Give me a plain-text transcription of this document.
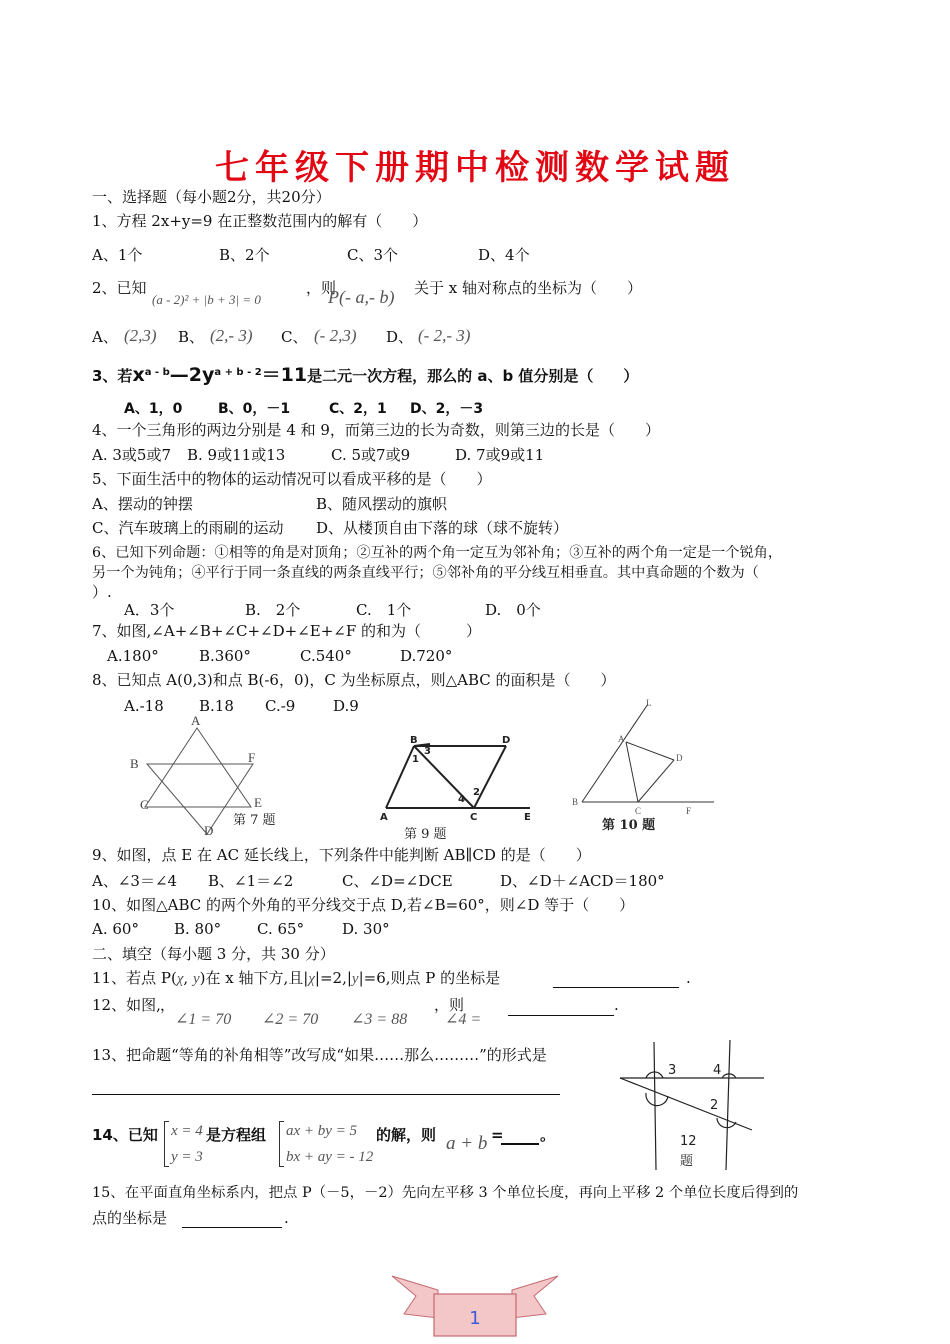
七年级下册期中检测数学试题
一、选择题（每小题2分，共20分）
1、方程 2x+y=9 在正整数范围内的解有（　　）
A、1个	B、2个	C、3个	D、4个
2、已知
(a - 2)² + |b + 3| = 0
，则
P(- a,- b) 关于 x 轴对称点的坐标为（　　）
A、 (2,3) B、 (2,- 3) C、 (- 2,3) D、 (- 2,- 3)
3、若$x^{a - b}—2y^{a + b - 2}=11$是二元一次方程，那么的 a、b 值分别是（　　）
A、1，0	B、0，－1	C、2，1 D、2，－3
4、一个三角形的两边分别是 4 和 9，而第三边的长为奇数，则第三边的长是（　　）
A. 3或5或7 B. 9或11或13	C. 5或7或9	D. 7或9或11
5、下面生活中的物体的运动情况可以看成平移的是（　　）
A、摆动的钟摆	B、随风摆动的旗帜
C、汽车玻璃上的雨刷的运动 D、从楼顶自由下落的球（球不旋转）
6、已知下列命题：①相等的角是对顶角；②互补的两个角一定互为邻补角；③互补的两个角一定是一个锐角，
另一个为钝角；④平行于同一条直线的两条直线平行；⑤邻补角的平分线互相垂直。其中真命题的个数为（
）.
A．3个	B.　2个	C.　1个	D.　0个
7、如图,∠A+∠B+∠C+∠D+∠E+∠F 的和为（　　　）
A.180°	B.360°	C.540°	D.720°
8、已知点 A(0,3)和点 B(-6，0)，C 为坐标原点，则△ABC 的面积是（　　）
A.-18 B.18 C.-9	D.9
A
B	F
C	E
D
第 7 题
B
3
D
1
2
4
A	C	E
第 9 题
L
A
D
B
C	F
第 10 题
9、如图，点 E 在 AC 延长线上，下列条件中能判断 AB∥CD 的是（　　）
A、∠3＝∠4 B、∠1＝∠2	C、∠D=∠DCE	D、∠D＋∠ACD＝180°
10、如图△ABC 的两个外角的平分线交于点 D,若∠B=60°，则∠D 等于（　　）
A. 60° B. 80° C. 65°	D. 30°
二、填空（每小题 3 分，共 30 分）
11、若点 P(χ, y)在 x 轴下方,且|χ|=2,|y|=6,则点 P 的坐标是	.
12、如图, ，
∠1 = 70 ∠2 = 70 ∠3 = 88
，则
∠4 =
.
13、把命题“等角的补角相等”改写成“如果……那么………”的形式是
3	4
2
12
题
14、已知 x = 4
y = 3
是方程组 ax + by = 5
bx + ay = - 12
的解，则 a + b = 。
15、在平面直角坐标系内，把点 P（－5，－2）先向左平移 3 个单位长度，再向上平移 2 个单位长度后得到的
点的坐标是	.
1
